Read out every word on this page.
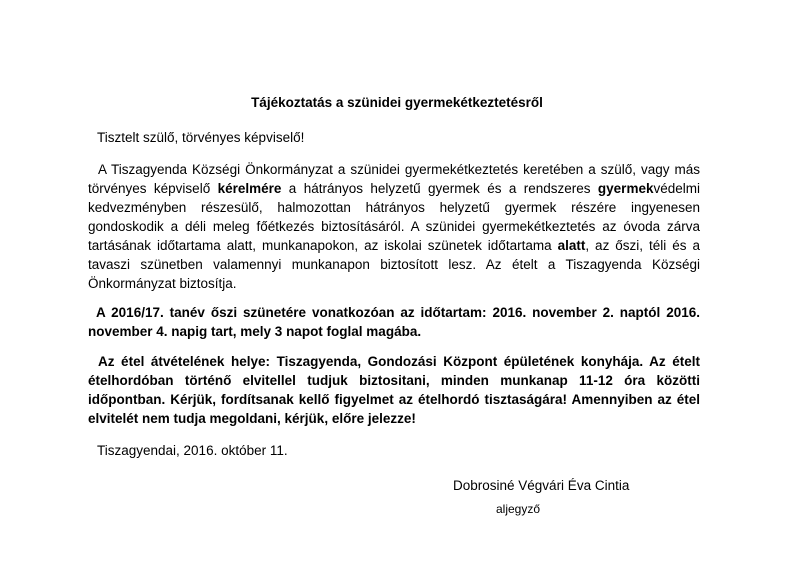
Tájékoztatás a szünidei gyermekétkeztetésről
Tisztelt szülő, törvényes képviselő!
A Tiszagyenda Községi Önkormányzat a szünidei gyermekétkeztetés keretében a szülő, vagy más törvényes képviselő kérelmére a hátrányos helyzetű gyermek és a rendszeres gyermekvédelmi kedvezményben részesülő, halmozottan hátrányos helyzetű gyermek részére ingyenesen gondoskodik a déli meleg főétkezés biztosításáról. A szünidei gyermekétkeztetés az óvoda zárva tartásának időtartama alatt, munkanapokon, az iskolai szünetek időtartama alatt, az őszi, téli és a tavaszi szünetben valamennyi munkanapon biztosított lesz. Az ételt a Tiszagyenda Községi Önkormányzat biztosítja.
A 2016/17. tanév őszi szünetére vonatkozóan az időtartam: 2016. november 2. naptól 2016. november 4. napig tart, mely 3 napot foglal magába.
Az étel átvételének helye: Tiszagyenda, Gondozási Központ épületének konyhája. Az ételt ételhordóban történő elvitellel tudjuk biztositani, minden munkanap 11-12 óra közötti időpontban. Kérjük, fordítsanak kellő figyelmet az ételhordó tisztaságára! Amennyiben az étel elvitelét nem tudja megoldani, kérjük, előre jelezze!
Tiszagyendai, 2016. október 11.
Dobrosiné Végvári Éva Cintia
aljegyző
